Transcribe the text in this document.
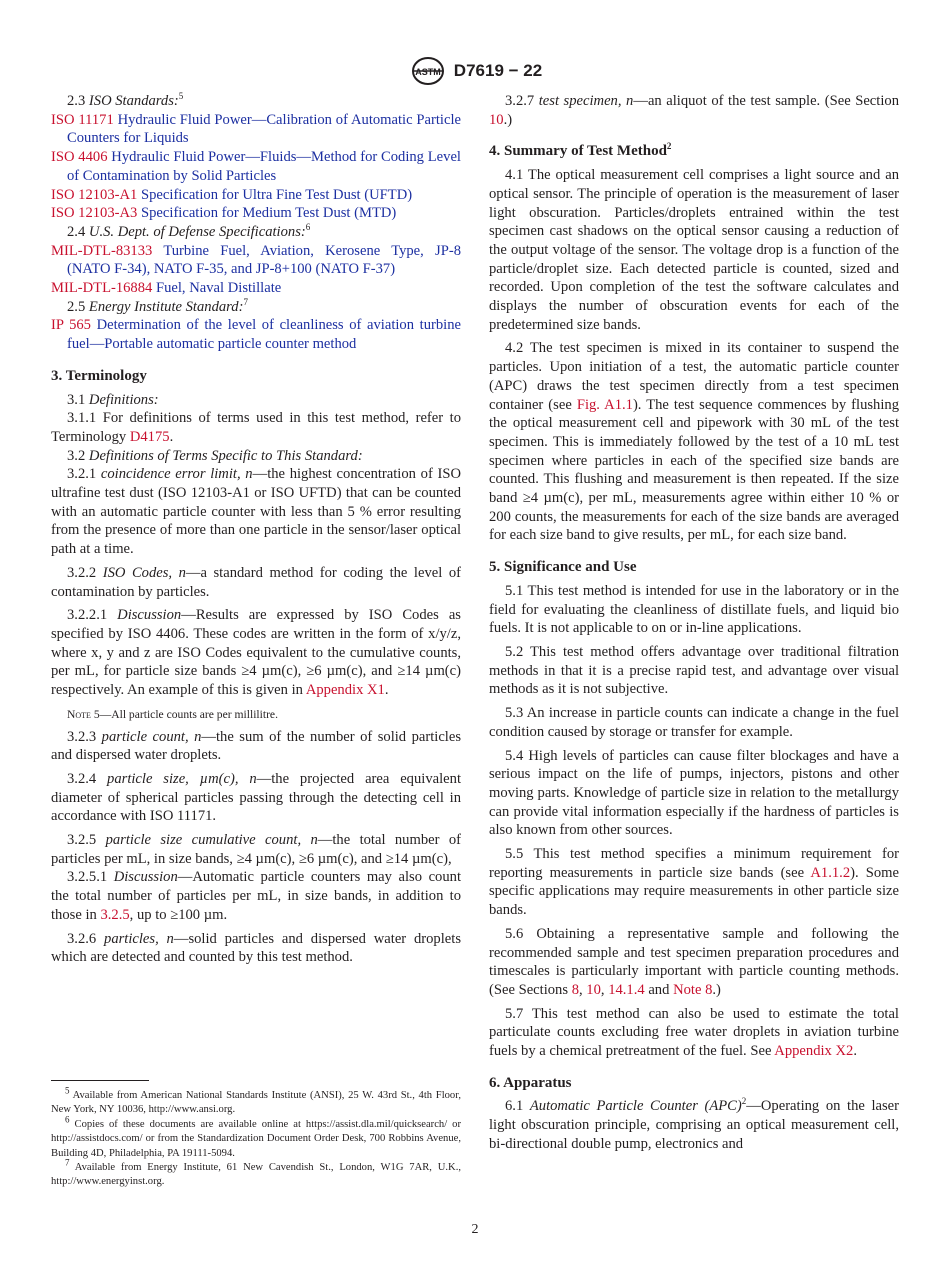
ASTM D7619 − 22

2.3 ISO Standards:$^5$

ISO 11171 Hydraulic Fluid Power—Calibration of Automatic Particle Counters for Liquids

ISO 4406 Hydraulic Fluid Power—Fluids—Method for Coding Level of Contamination by Solid Particles

ISO 12103-A1 Specification for Ultra Fine Test Dust (UFTD)

ISO 12103-A3 Specification for Medium Test Dust (MTD)

2.4 U.S. Dept. of Defense Specifications:$^6$

MIL-DTL-83133 Turbine Fuel, Aviation, Kerosene Type, JP-8 (NATO F-34), NATO F-35, and JP-8+100 (NATO F-37)

MIL-DTL-16884 Fuel, Naval Distillate

2.5 Energy Institute Standard:$^7$

IP 565 Determination of the level of cleanliness of aviation turbine fuel—Portable automatic particle counter method

3. Terminology

3.1 Definitions:

3.1.1 For definitions of terms used in this test method, refer to Terminology D4175.

3.2 Definitions of Terms Specific to This Standard:

3.2.1 coincidence error limit, n—the highest concentration of ISO ultrafine test dust (ISO 12103-A1 or ISO UFTD) that can be counted with an automatic particle counter with less than 5 % error resulting from the presence of more than one particle in the sensor/laser optical path at a time.

3.2.2 ISO Codes, n—a standard method for coding the level of contamination by particles.

3.2.2.1 Discussion—Results are expressed by ISO Codes as specified by ISO 4406. These codes are written in the form of x/y/z, where x, y and z are ISO Codes equivalent to the cumulative counts, per mL, for particle size bands ≥4 µm(c), ≥6 µm(c), and ≥14 µm(c) respectively. An example of this is given in Appendix X1.

Note 5—All particle counts are per millilitre.

3.2.3 particle count, n—the sum of the number of solid particles and dispersed water droplets.

3.2.4 particle size, µm(c), n—the projected area equivalent diameter of spherical particles passing through the detecting cell in accordance with ISO 11171.

3.2.5 particle size cumulative count, n—the total number of particles per mL, in size bands, ≥4 µm(c), ≥6 µm(c), and ≥14 µm(c),

3.2.5.1 Discussion—Automatic particle counters may also count the total number of particles per mL, in size bands, in addition to those in 3.2.5, up to ≥100 µm.

3.2.6 particles, n—solid particles and dispersed water droplets which are detected and counted by this test method.

$^5$ Available from American National Standards Institute (ANSI), 25 W. 43rd St., 4th Floor, New York, NY 10036, http://www.ansi.org.

$^6$ Copies of these documents are available online at https://assist.dla.mil/quicksearch/ or http://assistdocs.com/ or from the Standardization Document Order Desk, 700 Robbins Avenue, Building 4D, Philadelphia, PA 19111-5094.

$^7$ Available from Energy Institute, 61 New Cavendish St., London, W1G 7AR, U.K., http://www.energyinst.org.

3.2.7 test specimen, n—an aliquot of the test sample. (See Section 10.)

4. Summary of Test Method$^2$

4.1 The optical measurement cell comprises a light source and an optical sensor. The principle of operation is the measurement of laser light obscuration. Particles/droplets entrained within the test specimen cast shadows on the optical sensor causing a reduction of the output voltage of the sensor. The voltage drop is a function of the particle/droplet size. Each detected particle is counted, sized and recorded. Upon completion of the test the software calculates and displays the number of obscuration events for each of the predetermined size bands.

4.2 The test specimen is mixed in its container to suspend the particles. Upon initiation of a test, the automatic particle counter (APC) draws the test specimen directly from a test specimen container (see Fig. A1.1). The test sequence commences by flushing the optical measurement cell and pipework with 30 mL of the test specimen. This is immediately followed by the test of a 10 mL test specimen where particles in each of the specified size bands are counted. This flushing and measurement is then repeated. If the size band ≥4 µm(c), per mL, measurements agree within either 10 % or 200 counts, the measurements for each of the size bands are averaged for each size band to give results, per mL, for each size band.

5. Significance and Use

5.1 This test method is intended for use in the laboratory or in the field for evaluating the cleanliness of distillate fuels, and liquid bio fuels. It is not applicable to on or in-line applications.

5.2 This test method offers advantage over traditional filtration methods in that it is a precise rapid test, and advantage over visual methods as it is not subjective.

5.3 An increase in particle counts can indicate a change in the fuel condition caused by storage or transfer for example.

5.4 High levels of particles can cause filter blockages and have a serious impact on the life of pumps, injectors, pistons and other moving parts. Knowledge of particle size in relation to the metallurgy can provide vital information especially if the hardness of particles is also known from other sources.

5.5 This test method specifies a minimum requirement for reporting measurements in particle size bands (see A1.1.2). Some specific applications may require measurements in other particle size bands.

5.6 Obtaining a representative sample and following the recommended sample and test specimen preparation procedures and timescales is particularly important with particle counting methods. (See Sections 8, 10, 14.1.4 and Note 8.)

5.7 This test method can also be used to estimate the total particulate counts excluding free water droplets in aviation turbine fuels by a chemical pretreatment of the fuel. See Appendix X2.

6. Apparatus

6.1 Automatic Particle Counter (APC)$^2$—Operating on the laser light obscuration principle, comprising an optical measurement cell, bi-directional double pump, electronics and

2
